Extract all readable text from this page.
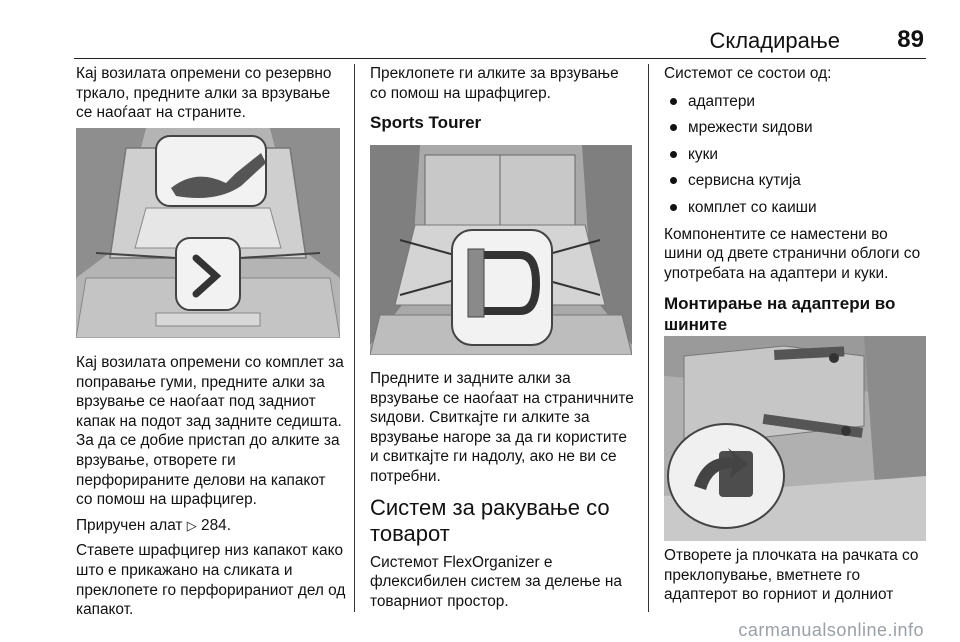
Складирање 89

Кај возилата опремени со резервно тркало, предните алки за врзување се наоѓаат на страните.

Кај возилата опремени со комплет за поправање гуми, предните алки за врзување се наоѓаат под задниот капак на подот зад задните седишта. За да се добие пристап до алките за врзување, отворете ги перфорираните делови на капакот со помош на шрафцигер.

Приручен алат ▷ 284.

Ставете шрафцигер низ капакот како што е прикажано на сликата и преклопете го перфорираниот дел од капакот.

Преклопете ги алките за врзување со помош на шрафцигер.

Sports Tourer

Предните и задните алки за врзување се наоѓаат на страничните ѕидови. Свиткајте ги алките за врзување нагоре за да ги користите и свиткајте ги надолу, ако не ви се потребни.

Систем за ракување со товарот

Системот FlexOrganizer е флексибилен систем за делење на товарниот простор.

Системот се состои од:

адаптери
мрежести ѕидови
куки
сервисна кутија
комплет со каиши

Компонентите се наместени во шини од двете странични облоги со употребата на адаптери и куки.

Монтирање на адаптери во шините

Отворете ја плочката на рачката со преклопување, вметнете го адаптерот во горниот и долниот

carmanualsonline.info
